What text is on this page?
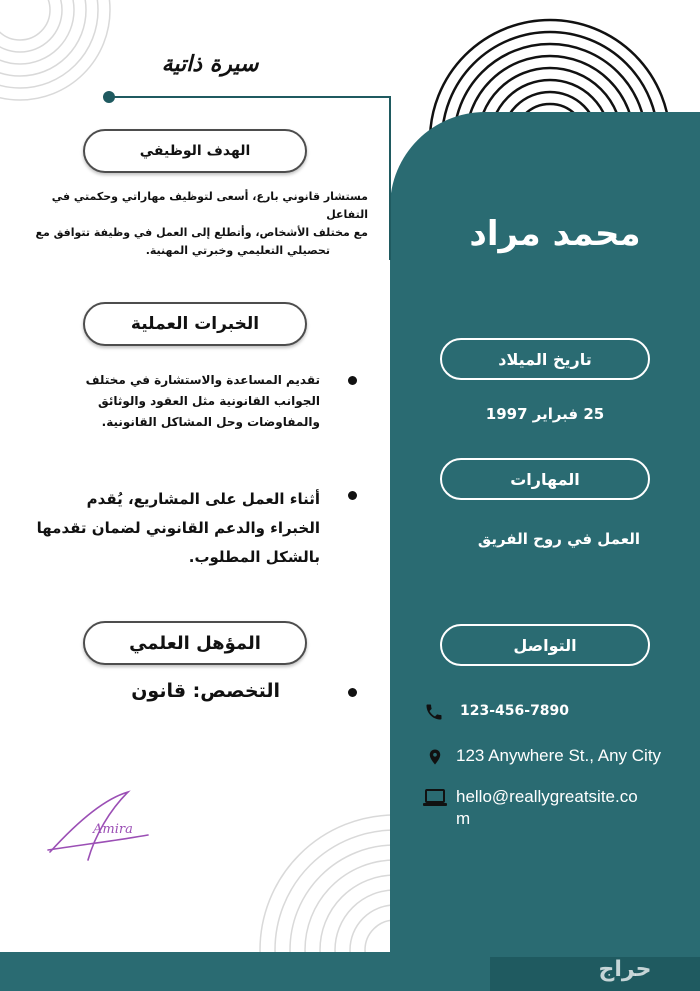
سيرة ذاتية
الهدف الوظيفي
مستشار قانوني بارع، أسعى لتوظيف مهاراتي وحكمتي في التفاعل
مع مختلف الأشخاص، وأتطلع إلى العمل في وظيفة تتوافق مع
تحصيلي التعليمي وخبرتي المهنية.
الخبرات العملية
تقديم المساعدة والاستشارة في مختلف
الجوانب القانونية مثل العقود والوثائق
والمفاوضات وحل المشاكل القانونية.
أثناء العمل على المشاريع، يُقدم
الخبراء والدعم القانوني لضمان تقدمها
بالشكل المطلوب.
المؤهل العلمي
التخصص: قانون
Amira
محمد مراد
تاريخ الميلاد
25 فبراير 1997
المهارات
العمل في روح الفريق
التواصل
123-456-7890
123 Anywhere St., Any City
hello@reallygreatsite.co
m
حراج
